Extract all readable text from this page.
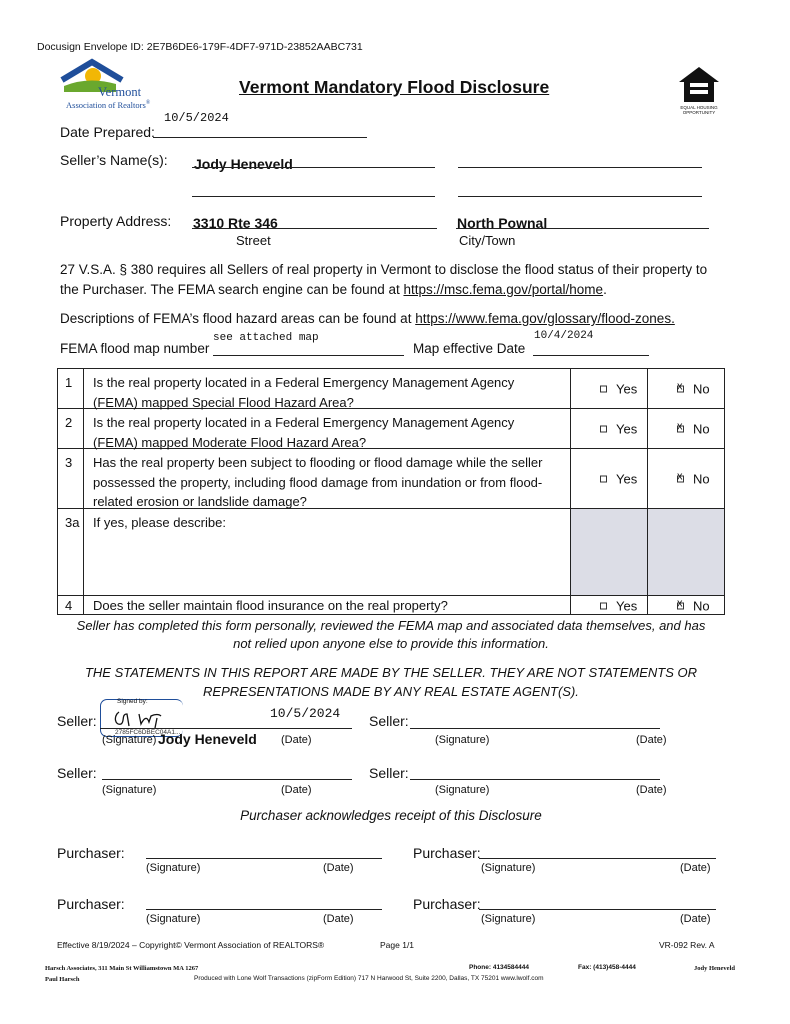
Docusign Envelope ID: 2E7B6DE6-179F-4DF7-971D-23852AABC731
Vermont
Association of Realtors®
Vermont Mandatory Flood Disclosure
EQUAL HOUSING
OPPORTUNITY
10/5/2024
Date Prepared:
Seller’s Name(s): Jody Heneveld
Property Address: 3310 Rte 346	North Pownal
Street	City/Town
27 V.S.A. § 380 requires all Sellers of real property in Vermont to disclose the flood status of their property to
the Purchaser. The FEMA search engine can be found at https://msc.fema.gov/portal/home.
Descriptions of FEMA’s flood hazard areas can be found at https://www.fema.gov/glossary/flood-zones.
see attached map	10/4/2024
FEMA flood map number	Map effective Date
1	Is the real property located in a Federal Emergency Management Agency (FEMA) mapped Special Flood Hazard Area?
Yes x	No
2	Is the real property located in a Federal Emergency Management Agency (FEMA) mapped Moderate Flood Hazard Area?
Yes x	No
3	Has the real property been subject to flooding or flood damage while the seller possessed the property, including flood damage from inundation or from flood-related erosion or landslide damage?
Yes x	No
3a	If yes, please describe:
4	Does the seller maintain flood insurance on the real property?	Yes x	No
Seller has completed this form personally, reviewed the FEMA map and associated data themselves, and has
not relied upon anyone else to provide this information.
THE STATEMENTS IN THIS REPORT ARE MADE BY THE SELLER. THEY ARE NOT STATEMENTS OR
REPRESENTATIONS MADE BY ANY REAL ESTATE AGENT(S).
Signed by:
2785FC6DBEC04A1...
Seller:	10/5/2024
(Signature) Jody Heneveld (Date)
Seller:
(Signature)	(Date)
Seller:
(Signature)	(Date)
Seller:
(Signature)	(Date)
Purchaser acknowledges receipt of this Disclosure
Purchaser:
(Signature)	(Date)
Purchaser:
(Signature)	(Date)
Purchaser:
(Signature)	(Date)
Purchaser:
(Signature)	(Date)
Effective 8/19/2024 – Copyright© Vermont Association of REALTORS®	Page 1/1	VR-092 Rev. A
Harsch Associates, 311 Main St Williamstown MA 1267	Phone: 4134584444	Fax: (413)458-4444	Jody Heneveld
Paul Harsch	Produced with Lone Wolf Transactions (zipForm Edition) 717 N Harwood St, Suite 2200, Dallas, TX 75201 www.lwolf.com
